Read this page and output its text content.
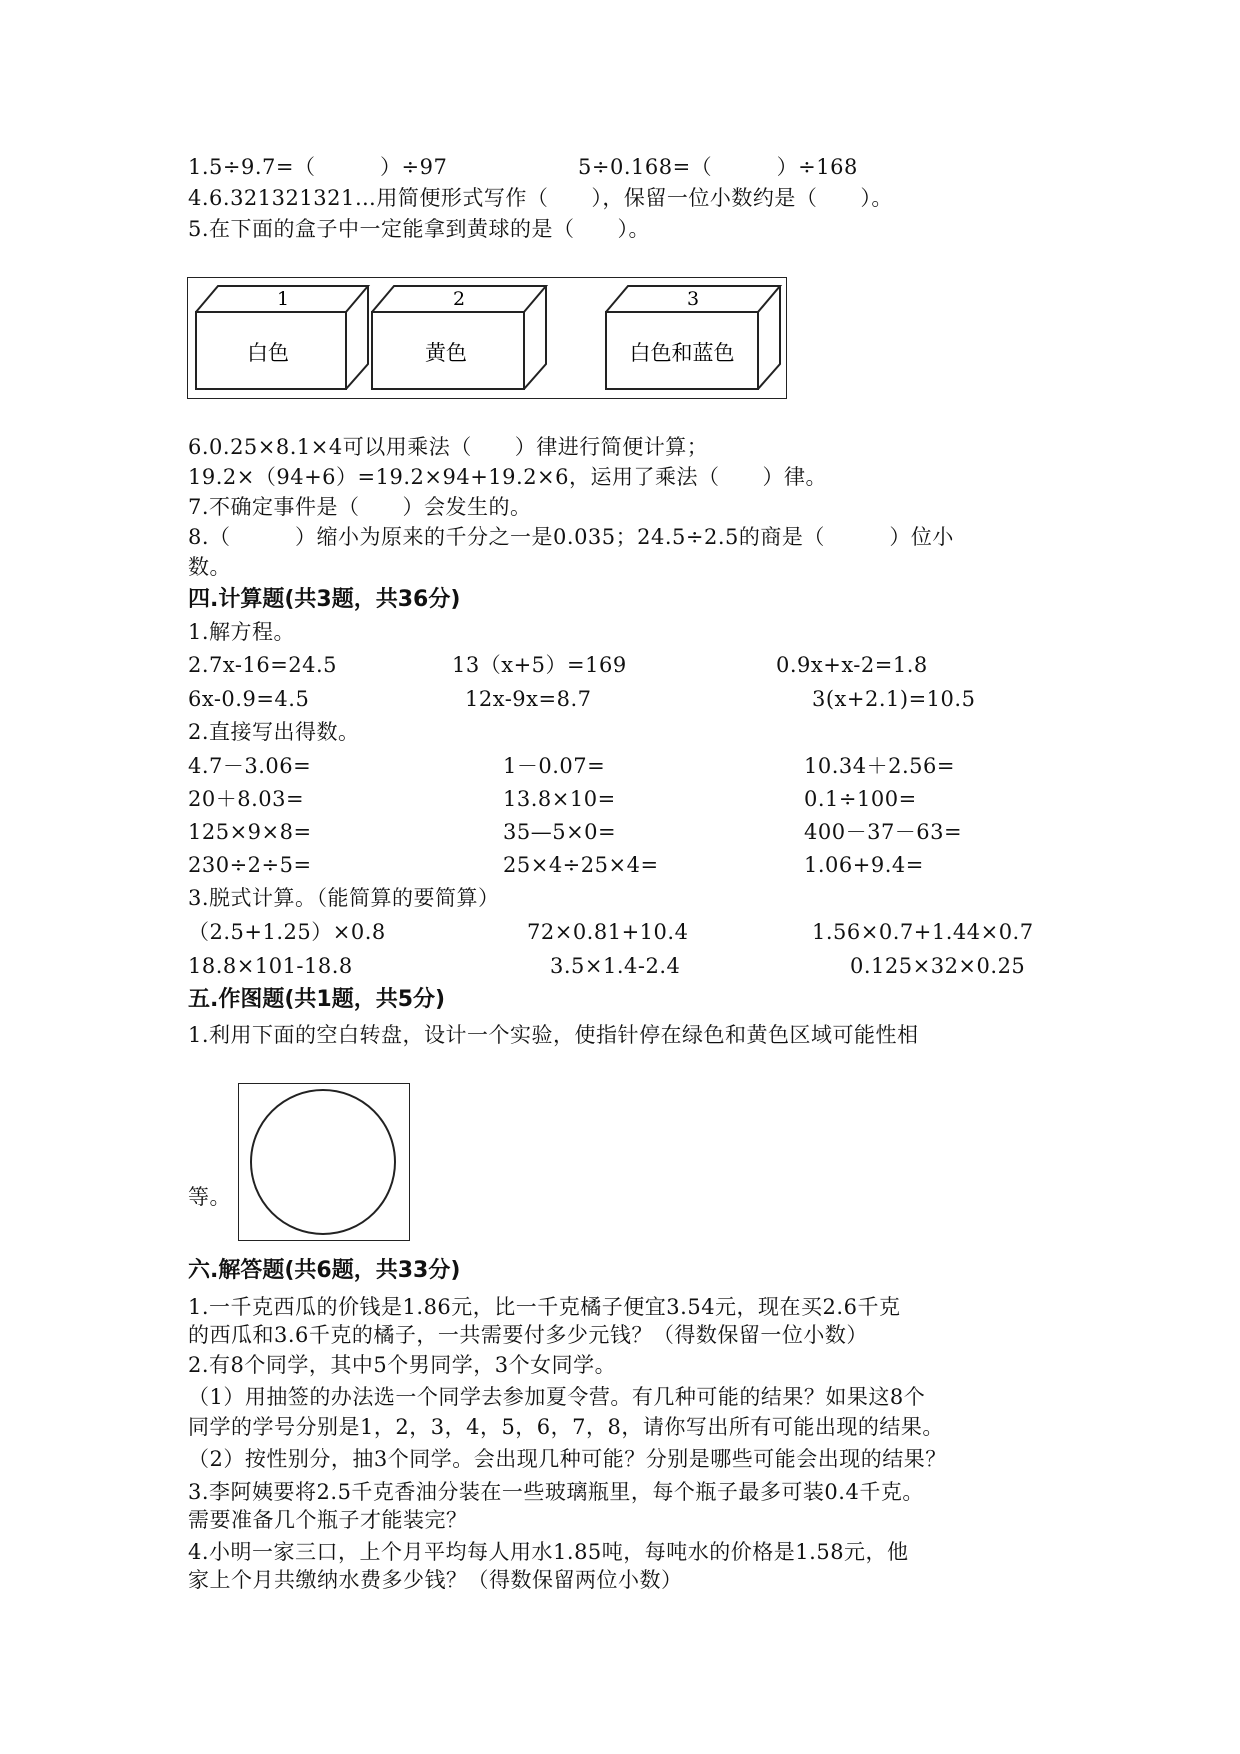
1.5÷9.7=（　　　）÷97	5÷0.168=（　　　）÷168
4.6.321321321…用简便形式写作（　　），保留一位小数约是（　　）。
5.在下面的盒子中一定能拿到黄球的是（　　）。
1
白色
2
黄色
3
白色和蓝色
6.0.25×8.1×4可以用乘法（　　）律进行简便计算；
19.2×（94+6）=19.2×94+19.2×6，运用了乘法（　　）律。
7.不确定事件是（　　）会发生的。
8.（　　　）缩小为原来的千分之一是0.035；24.5÷2.5的商是（　　　）位小
数。
四.计算题(共3题，共36分)
1.解方程。
2.7x-16=24.5	13（x+5）=169	0.9x+x-2=1.8
6x-0.9=4.5	12x-9x=8.7	3(x+2.1)=10.5
2.直接写出得数。
4.7－3.06=	1－0.07=	10.34＋2.56=
20＋8.03=	13.8×10=	0.1÷100=
125×9×8=	35—5×0=	400－37－63=
230÷2÷5=	25×4÷25×4=	1.06+9.4=
3.脱式计算。（能简算的要简算）
（2.5+1.25）×0.8	72×0.81+10.4	1.56×0.7+1.44×0.7
18.8×101-18.8	3.5×1.4-2.4	0.125×32×0.25
五.作图题(共1题，共5分)
1.利用下面的空白转盘，设计一个实验，使指针停在绿色和黄色区域可能性相
等。
六.解答题(共6题，共33分)
1.一千克西瓜的价钱是1.86元，比一千克橘子便宜3.54元，现在买2.6千克
的西瓜和3.6千克的橘子，一共需要付多少元钱？（得数保留一位小数）
2.有8个同学，其中5个男同学，3个女同学。
（1）用抽签的办法选一个同学去参加夏令营。有几种可能的结果？如果这8个
同学的学号分别是1，2，3，4，5，6，7，8，请你写出所有可能出现的结果。
（2）按性别分，抽3个同学。会出现几种可能？分别是哪些可能会出现的结果？
3.李阿姨要将2.5千克香油分装在一些玻璃瓶里，每个瓶子最多可装0.4千克。
需要准备几个瓶子才能装完？
4.小明一家三口，上个月平均每人用水1.85吨，每吨水的价格是1.58元，他
家上个月共缴纳水费多少钱？（得数保留两位小数）
